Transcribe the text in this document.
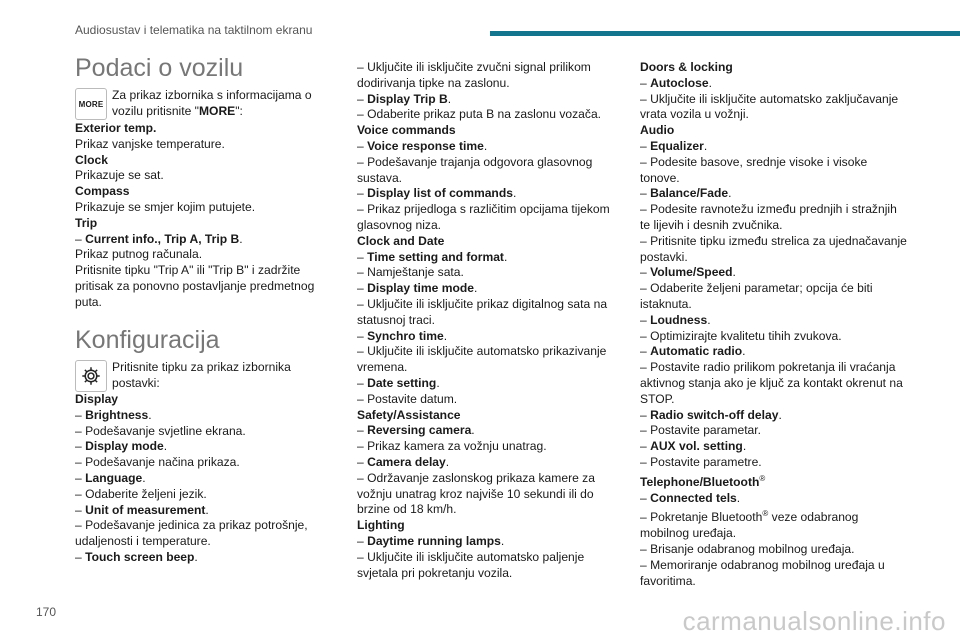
Audiosustav i telematika na taktilnom ekranu
Podaci o vozilu
MORE
Za prikaz izbornika s informacijama o vozilu pritisnite "MORE":

Exterior temp.

Prikaz vanjske temperature.

Clock

Prikazuje se sat.

Compass

Prikazuje se smjer kojim putujete.

Trip

– Current info., Trip A, Trip B.

Prikaz putnog računala.

Pritisnite tipku "Trip A" ili "Trip B" i zadržite pritisak za ponovno postavljanje predmetnog puta.

Konfiguracija
Pritisnite tipku za prikaz izbornika postavki:

Display

– Brightness.

– Podešavanje svjetline ekrana.

– Display mode.

– Podešavanje načina prikaza.

– Language.

– Odaberite željeni jezik.

– Unit of measurement.

– Podešavanje jedinica za prikaz potrošnje, udaljenosti i temperature.

– Touch screen beep.

– Uključite ili isključite zvučni signal prilikom dodirivanja tipke na zaslonu.

– Display Trip B.

– Odaberite prikaz puta B na zaslonu vozača.

Voice commands

– Voice response time.

– Podešavanje trajanja odgovora glasovnog sustava.

– Display list of commands.

– Prikaz prijedloga s različitim opcijama tijekom glasovnog niza.

Clock and Date

– Time setting and format.

– Namještanje sata.

– Display time mode.

– Uključite ili isključite prikaz digitalnog sata na statusnoj traci.

– Synchro time.

– Uključite ili isključite automatsko prikazivanje vremena.

– Date setting.

– Postavite datum.

Safety/Assistance

– Reversing camera.

– Prikaz kamera za vožnju unatrag.

– Camera delay.

– Održavanje zaslonskog prikaza kamere za vožnju unatrag kroz najviše 10 sekundi ili do brzine od 18 km/h.

Lighting

– Daytime running lamps.

– Uključite ili isključite automatsko paljenje svjetala pri pokretanju vozila.

Doors & locking

– Autoclose.

– Uključite ili isključite automatsko zaključavanje vrata vozila u vožnji.

Audio

– Equalizer.

– Podesite basove, srednje visoke i visoke tonove.

– Balance/Fade.

– Podesite ravnotežu između prednjih i stražnjih te lijevih i desnih zvučnika.

– Pritisnite tipku između strelica za ujednačavanje postavki.

– Volume/Speed.

– Odaberite željeni parametar; opcija će biti istaknuta.

– Loudness.

– Optimizirajte kvalitetu tihih zvukova.

– Automatic radio.

– Postavite radio prilikom pokretanja ili vraćanja aktivnog stanja ako je ključ za kontakt okrenut na STOP.

– Radio switch-off delay.

– Postavite parametar.

– AUX vol. setting.

– Postavite parametre.

Telephone/Bluetooth®

– Connected tels.

– Pokretanje Bluetooth® veze odabranog mobilnog uređaja.

– Brisanje odabranog mobilnog uređaja.

– Memoriranje odabranog mobilnog uređaja u favoritima.

170	carmanualsonline.info
